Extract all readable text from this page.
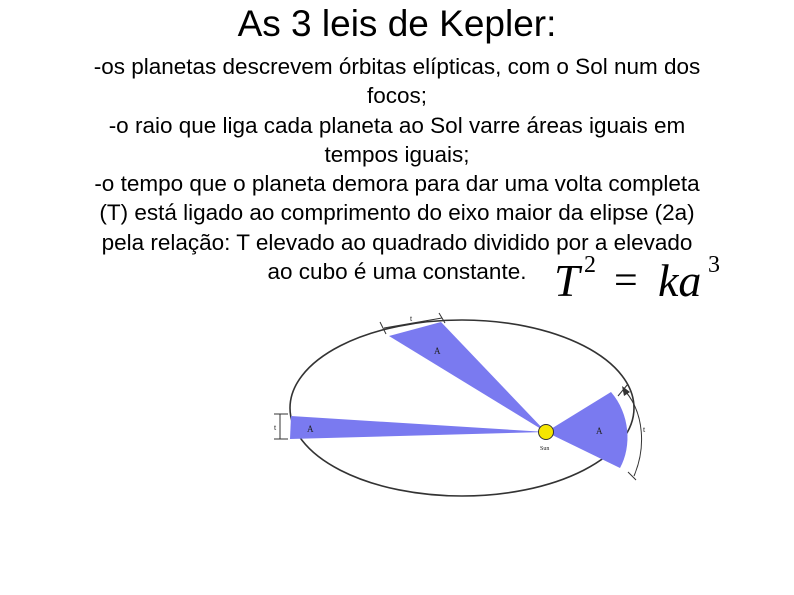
As 3 leis de Kepler:
-os planetas descrevem órbitas elípticas, com o Sol num dos
focos;
-o raio que liga cada planeta ao Sol varre áreas iguais em
tempos iguais;
-o tempo que o planeta demora para dar uma volta completa
(T) está ligado ao comprimento do eixo maior da elipse (2a)
pela relação: T elevado ao quadrado dividido por a elevado
ao cubo é uma constante. T 2 = ka 3
Sun
A
A	A
t
t	t
